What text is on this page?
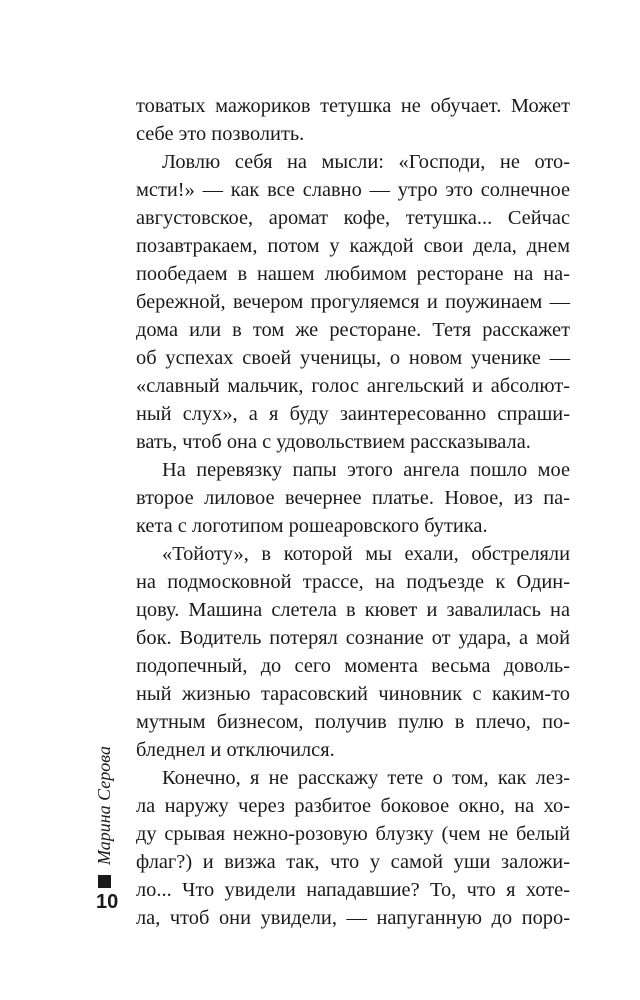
Марина Серова
10
товатых мажориков тетушка не обучает. Может
себе это позволить.
Ловлю себя на мысли: «Господи, не ото-
мсти!» — как все славно — утро это солнечное
августовское, аромат кофе, тетушка... Сейчас
позавтракаем, потом у каждой свои дела, днем
пообедаем в нашем любимом ресторане на на-
бережной, вечером прогуляемся и поужинаем —
дома или в том же ресторане. Тетя расскажет
об успехах своей ученицы, о новом ученике —
«славный мальчик, голос ангельский и абсолют-
ный слух», а я буду заинтересованно спраши-
вать, чтоб она с удовольствием рассказывала.
На перевязку папы этого ангела пошло мое
второе лиловое вечернее платье. Новое, из па-
кета с логотипом рошеаровского бутика.
«Тойоту», в которой мы ехали, обстреляли
на подмосковной трассе, на подъезде к Один-
цову. Машина слетела в кювет и завалилась на
бок. Водитель потерял сознание от удара, а мой
подопечный, до сего момента весьма доволь-
ный жизнью тарасовский чиновник с каким-то
мутным бизнесом, получив пулю в плечо, по-
бледнел и отключился.
Конечно, я не расскажу тете о том, как лез-
ла наружу через разбитое боковое окно, на хо-
ду срывая нежно-розовую блузку (чем не белый
флаг?) и визжа так, что у самой уши заложи-
ло... Что увидели нападавшие? То, что я хоте-
ла, чтоб они увидели, — напуганную до поро-
